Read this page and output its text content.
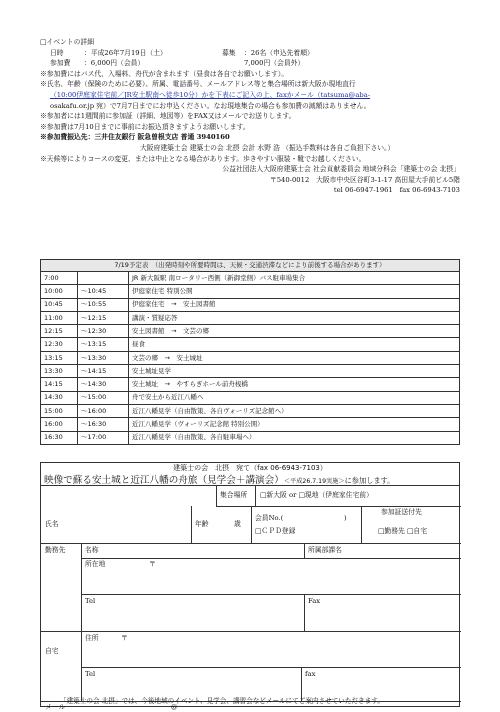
□イベントの詳細
日時	：平成26年7月19日（土）	募集 ：26名（申込先着順）
参加費 ：6,000円（会員）	7,000円（会員外）
※参加費にはバス代、入場料、舟代が含まれます（昼食は各自でお願いします）。
※氏名、年齢（保険のために必要）、所属、電話番号、メールアドレス等と集合場所は新大阪か現地直行
（10:00伊庭家住宅前／JR安土駅南へ徒歩10分）かを下表にご記入の上、faxかメール（tatsuma@aba-
osakafu.or.jp 宛）で7月7日までにお申込ください。なお現地集合の場合も参加費の減額はありません。
※参加者には1週間前に参加証（詳細、地図等）をFAX又はメールでお送りします。
※参加費は7月10日までに事前にお振込頂きますようお願いします。
※参加費振込先：三井住友銀行 阪急曽根支店 普通 3940160
大阪府建築士会 建築士の会 北摂 会計 水野 浩 （振込手数料は各自ご負担下さい。）
※天候等によりコースの変更、または中止となる場合があります。歩きやすい服装・靴でお越しください。
公益社団法人大阪府建築士会 社会貢献委員会 地域分科会「建築士の会 北摂」
〒540-0012　大阪市中央区谷町3-1-17 高田屋大手前ビル5階
tel 06-6947-1961　fax 06-6943-7103
7/19予定表　（出発時刻や所要時間は、天候・交通渋滞などにより前後する場合があります）		
7:00		JR 新大阪駅 南ロータリー西側（新御堂側）バス駐車場集合
10:00	～10:45	伊庭家住宅 特別公開
10:45	～10:55	伊庭家住宅　→　安土図書館
11:00	～12:15	講演・質疑応答
12:15	～12:30	安土図書館　→　文芸の郷
12:30	～13:15	昼食
13:15	～13:30	文芸の郷　→　安土城址
13:30	～14:15	安土城址見学
14:15	～14:30	安土城址　→　やすらぎホール前舟桟橋
14:30	～15:00	舟で安土から近江八幡へ
15:00	～16:00	近江八幡見学（自由散策、各自ヴォーリズ記念館へ）
16:00	～16:30	近江八幡見学（ヴォーリズ記念館 特別公開）
16:30	～17:00	近江八幡見学（自由散策、各自駐車場へ）
建築士の会　北摂　宛て（fax 06-6943-7103）
映像で蘇る安土城と近江八幡の舟旅（見学会＋講演会）＜平成26.7.19実施＞に参加します。
集合場所 □新大阪 or □現地（伊庭家住宅前）
氏名	年齢	歳
会員No.(	)
□ＣＰＤ登録
参加証送付先
□勤務先 □自宅
勤務先	名称	所属部課名
所在地	〒
Tel	Fax
自宅
住所	〒
Tel	fax
メール	@
「建築士の会 北摂」では、今後地域のイベント、見学会、講習会などメールにてご案内させていただきます。
